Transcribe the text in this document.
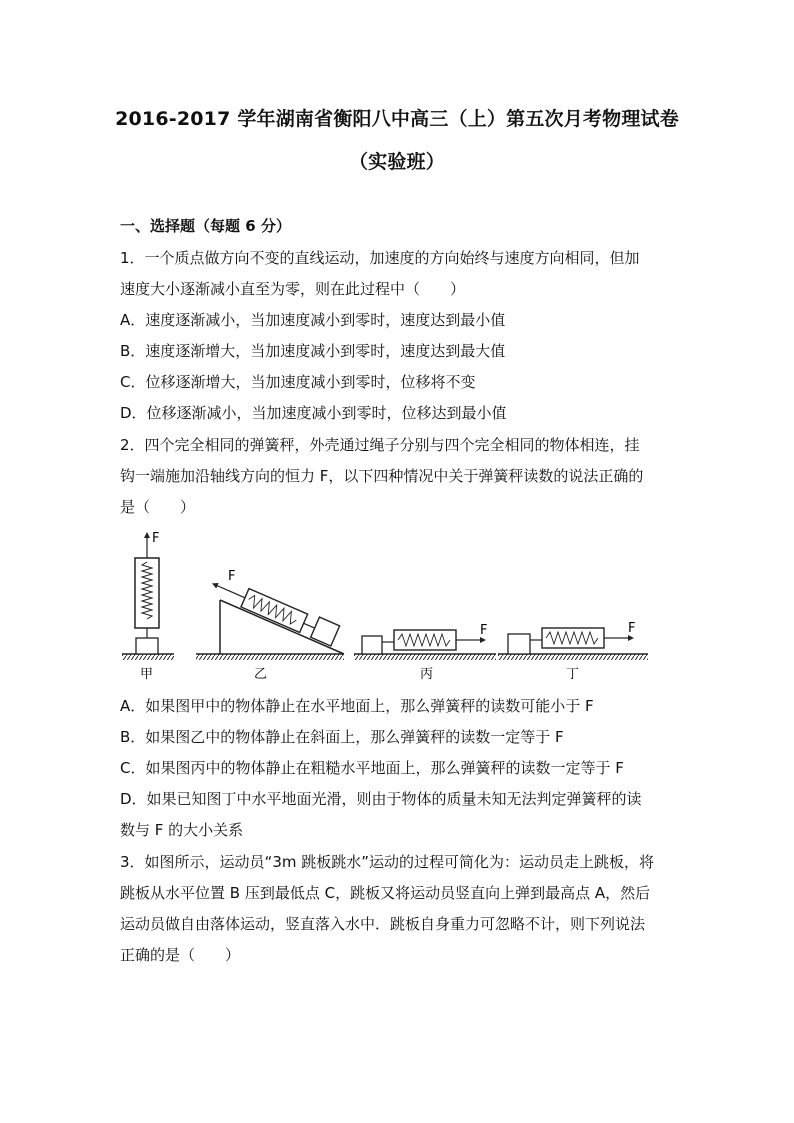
2016-2017 学年湖南省衡阳八中高三（上）第五次月考物理试卷
（实验班）
一、选择题（每题 6 分）
1．一个质点做方向不变的直线运动，加速度的方向始终与速度方向相同，但加
速度大小逐渐减小直至为零，则在此过程中（　　）
A．速度逐渐减小，当加速度减小到零时，速度达到最小值
B．速度逐渐增大，当加速度减小到零时，速度达到最大值
C．位移逐渐增大，当加速度减小到零时，位移将不变
D．位移逐渐减小，当加速度减小到零时，位移达到最小值
2．四个完全相同的弹簧秤，外壳通过绳子分别与四个完全相同的物体相连，挂
钩一端施加沿轴线方向的恒力 F，以下四种情况中关于弹簧秤读数的说法正确的
是（　　）
F
甲
F
乙
F
丙
F
丁
A．如果图甲中的物体静止在水平地面上，那么弹簧秤的读数可能小于 F
B．如果图乙中的物体静止在斜面上，那么弹簧秤的读数一定等于 F
C．如果图丙中的物体静止在粗糙水平地面上，那么弹簧秤的读数一定等于 F
D．如果已知图丁中水平地面光滑，则由于物体的质量未知无法判定弹簧秤的读
数与 F 的大小关系
3．如图所示，运动员“3m 跳板跳水”运动的过程可简化为：运动员走上跳板，将
跳板从水平位置 B 压到最低点 C，跳板又将运动员竖直向上弹到最高点 A，然后
运动员做自由落体运动，竖直落入水中．跳板自身重力可忽略不计，则下列说法
正确的是（　　）
